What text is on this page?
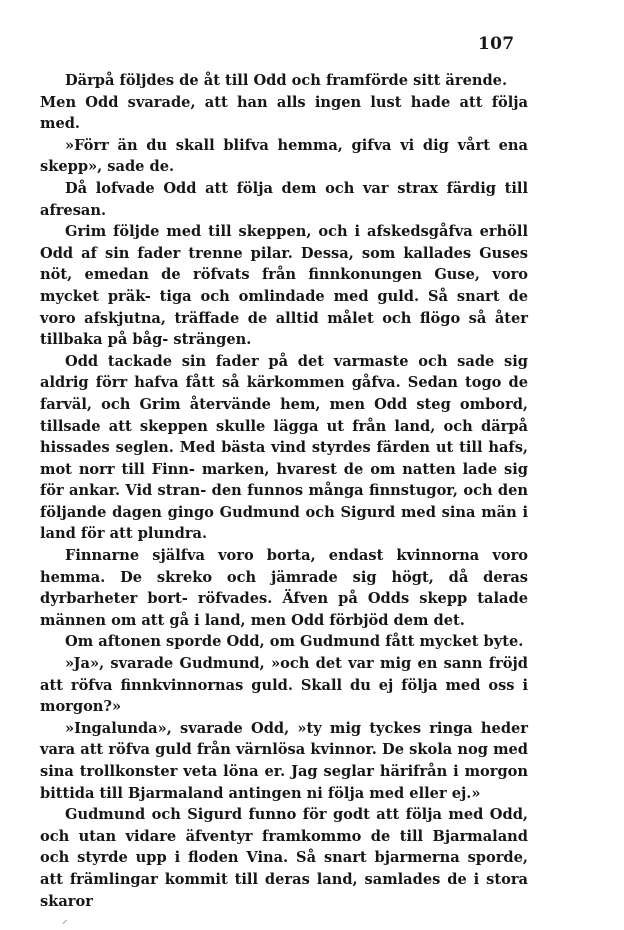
107

Därpå följdes de åt till Odd och framförde sitt ärende.

Men Odd svarade, att han alls ingen lust hade att följa med.

»Förr än du skall blifva hemma, gifva vi dig vårt ena skepp», sade de.

Då lofvade Odd att följa dem och var strax färdig till afresan.

Grim följde med till skeppen, och i afskedsgåfva erhöll Odd af sin fader trenne pilar. Dessa, som kallades Guses nöt, emedan de röfvats från finnkonungen Guse, voro mycket präk- tiga och omlindade med guld. Så snart de voro afskjutna, träffade de alltid målet och flögo så åter tillbaka på båg- strängen.

Odd tackade sin fader på det varmaste och sade sig aldrig förr hafva fått så kärkommen gåfva. Sedan togo de farväl, och Grim återvände hem, men Odd steg ombord, tillsade att skeppen skulle lägga ut från land, och därpå hissades seglen. Med bästa vind styrdes färden ut till hafs, mot norr till Finn- marken, hvarest de om natten lade sig för ankar. Vid stran- den funnos många finnstugor, och den följande dagen gingo Gudmund och Sigurd med sina män i land för att plundra.

Finnarne själfva voro borta, endast kvinnorna voro hemma. De skreko och jämrade sig högt, då deras dyrbarheter bort- röfvades. Äfven på Odds skepp talade männen om att gå i land, men Odd förbjöd dem det.

Om aftonen sporde Odd, om Gudmund fått mycket byte.

»Ja», svarade Gudmund, »och det var mig en sann fröjd att röfva finnkvinnornas guld. Skall du ej följa med oss i morgon?»

»Ingalunda», svarade Odd, »ty mig tyckes ringa heder vara att röfva guld från värnlösa kvinnor. De skola nog med sina trollkonster veta löna er. Jag seglar härifrån i morgon bittida till Bjarmaland antingen ni följa med eller ej.»

Gudmund och Sigurd funno för godt att följa med Odd, och utan vidare äfventyr framkommo de till Bjarmaland och styrde upp i floden Vina. Så snart bjarmerna sporde, att främlingar kommit till deras land, samlades de i stora skaror

⸝
